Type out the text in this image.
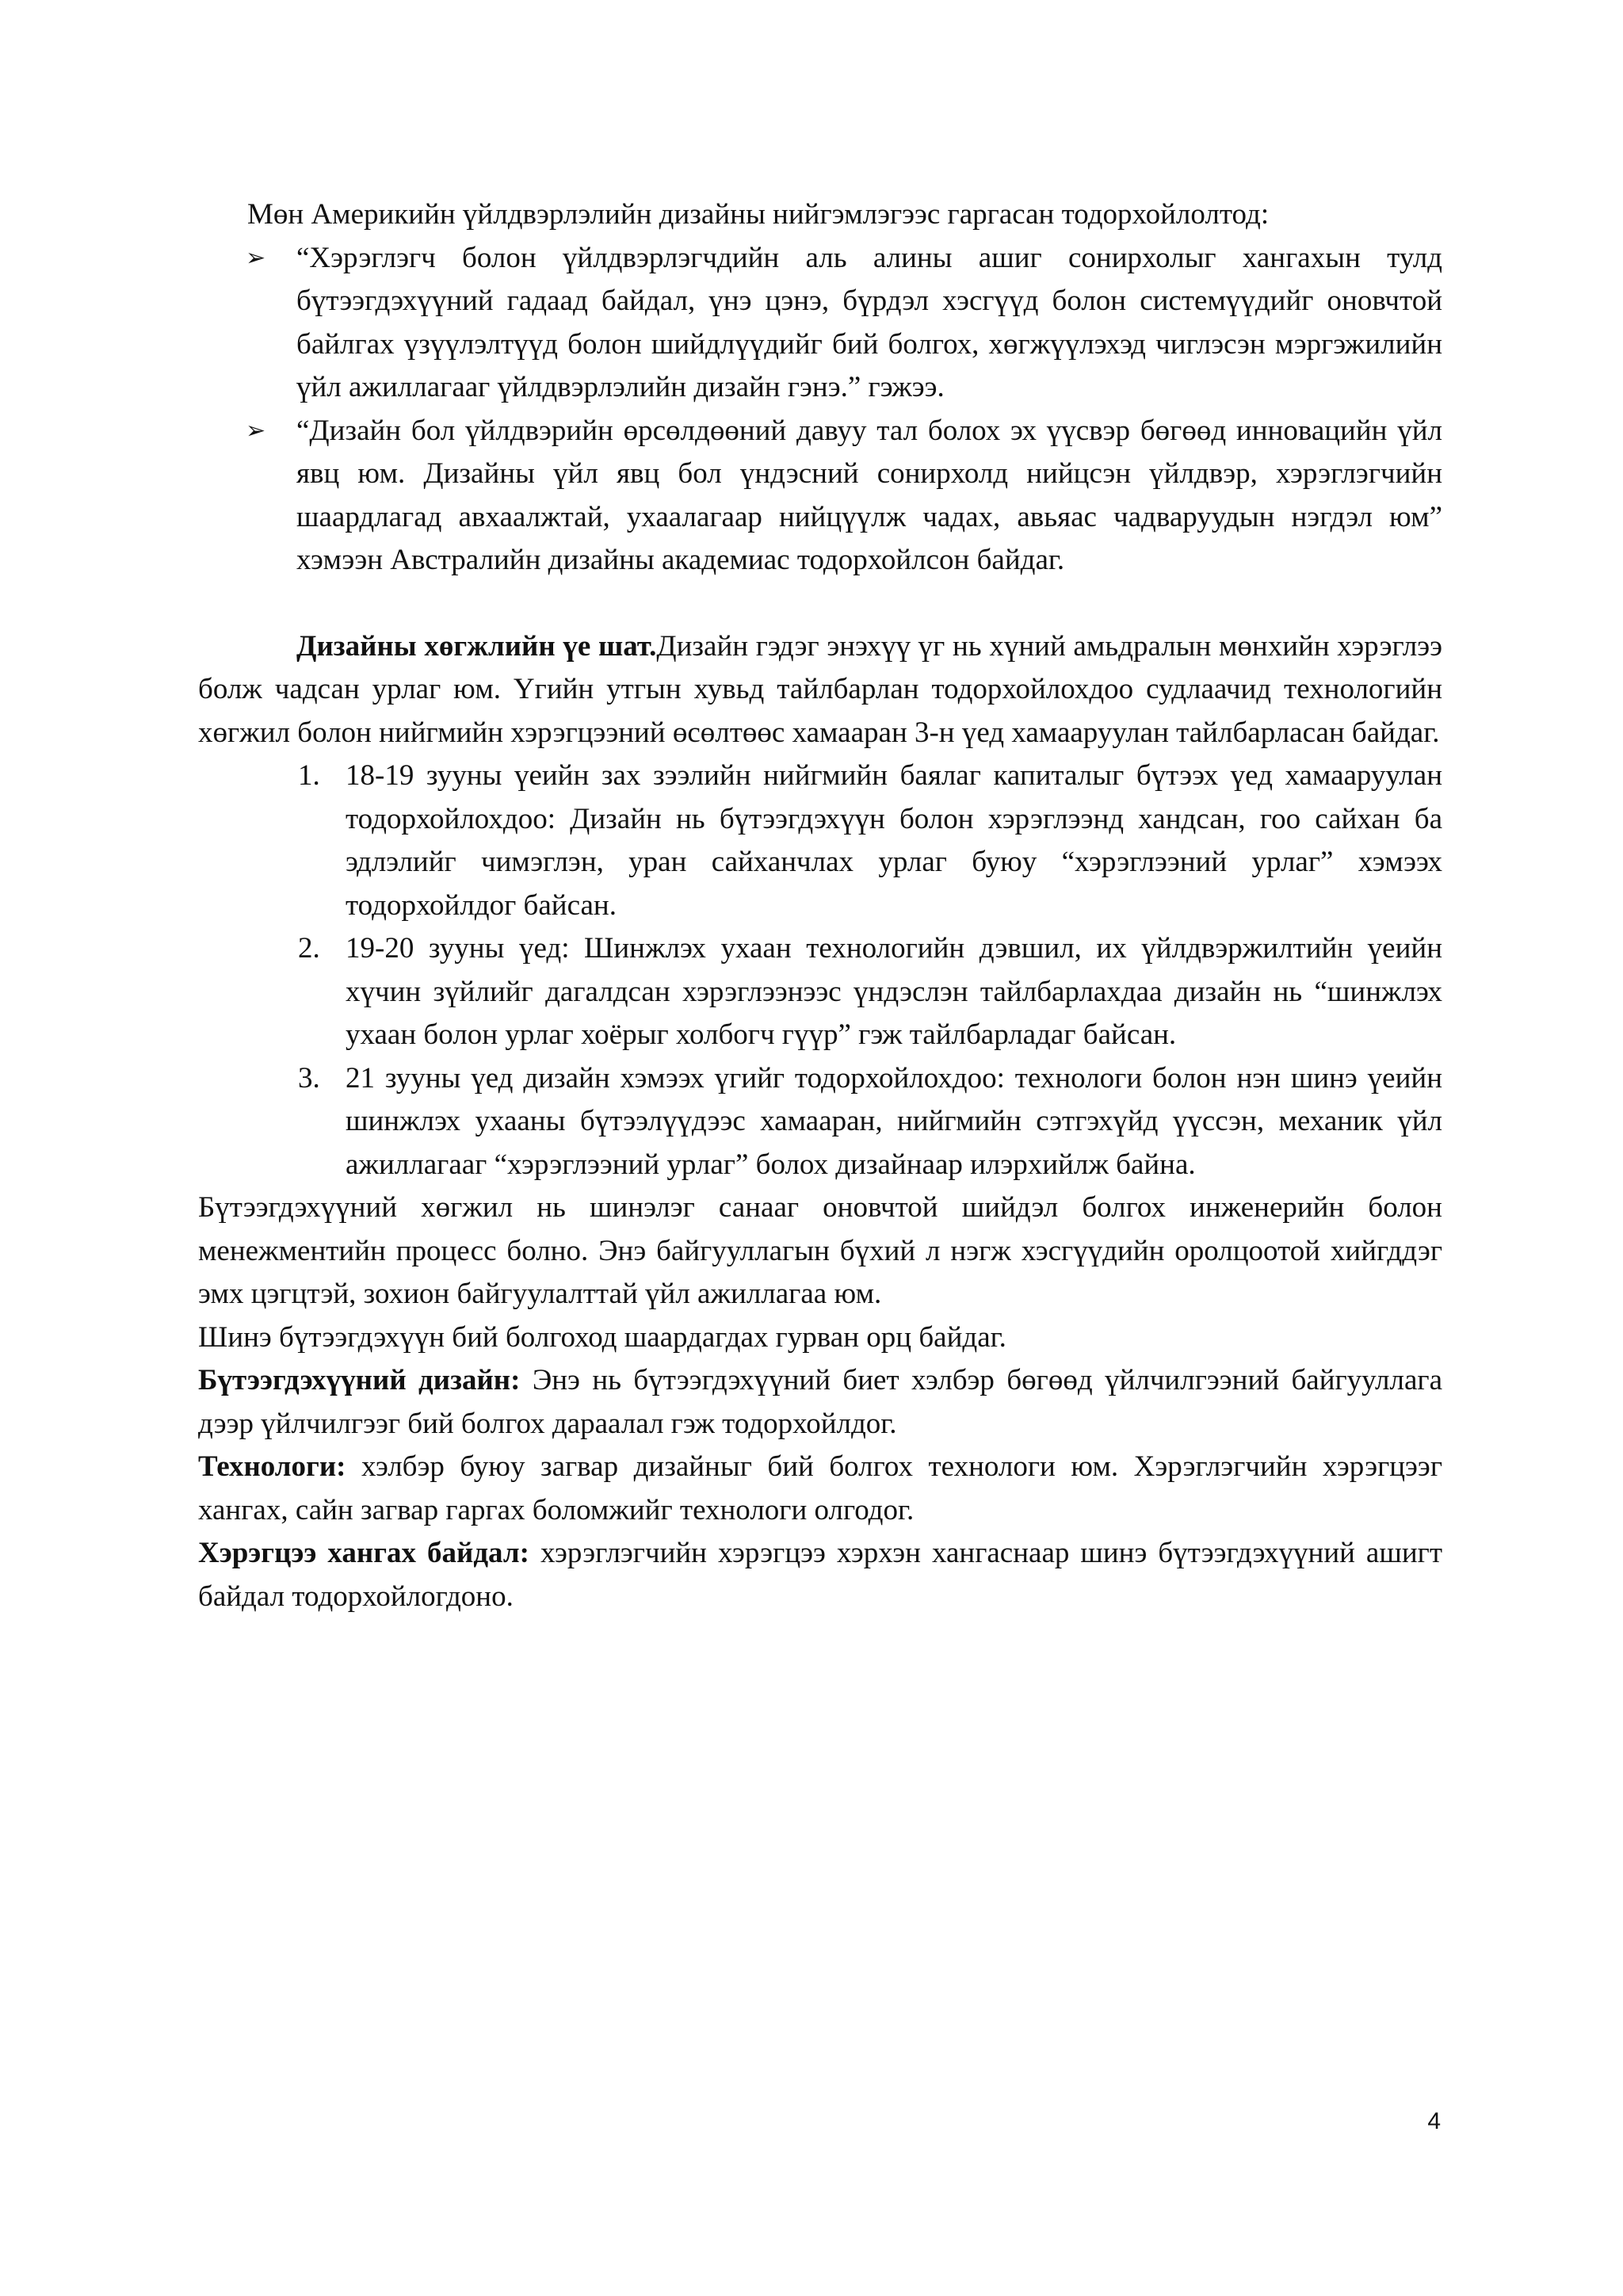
Мөн Америкийн үйлдвэрлэлийн дизайны нийгэмлэгээс гаргасан тодорхойлолтод:

➢ “Хэрэглэгч болон үйлдвэрлэгчдийн аль алины ашиг сонирхолыг хангахын тулд бүтээгдэхүүний гадаад байдал, үнэ цэнэ, бүрдэл хэсгүүд болон системүүдийг оновчтой байлгах үзүүлэлтүүд болон шийдлүүдийг бий болгох, хөгжүүлэхэд чиглэсэн мэргэжилийн үйл ажиллагааг үйлдвэрлэлийн дизайн гэнэ.” гэжээ.
➢ “Дизайн бол үйлдвэрийн өрсөлдөөний давуу тал болох эх үүсвэр бөгөөд инновацийн үйл явц юм. Дизайны үйл явц бол үндэсний сонирхолд нийцсэн үйлдвэр, хэрэглэгчийн шаардлагад авхаалжтай, ухаалагаар нийцүүлж чадах, авьяас чадваруудын нэгдэл юм” хэмээн Австралийн дизайны академиас тодорхойлсон байдаг.

Дизайны хөгжлийн үе шат.Дизайн гэдэг энэхүү үг нь хүний амьдралын мөнхийн хэрэглээ болж чадсан урлаг юм. Үгийн утгын хувьд тайлбарлан тодорхойлохдоо судлаачид технологийн хөгжил болон нийгмийн хэрэгцээний өсөлтөөс хамааран 3-н үед хамааруулан тайлбарласан байдаг.

1. 18-19 зууны үеийн зах зээлийн нийгмийн баялаг капиталыг бүтээх үед хамааруулан тодорхойлохдоо: Дизайн нь бүтээгдэхүүн болон хэрэглээнд хандсан, гоо сайхан ба эдлэлийг чимэглэн, уран сайханчлах урлаг буюу “хэрэглээний урлаг” хэмээх тодорхойлдог байсан.
2. 19-20 зууны үед: Шинжлэх ухаан технологийн дэвшил, их үйлдвэржилтийн үеийн хүчин зүйлийг дагалдсан хэрэглээнээс үндэслэн тайлбарлахдаа дизайн нь “шинжлэх ухаан болон урлаг хоёрыг холбогч гүүр” гэж тайлбарладаг байсан.
3. 21 зууны үед дизайн хэмээх үгийг тодорхойлохдоо: технологи болон нэн шинэ үеийн шинжлэх ухааны бүтээлүүдээс хамааран, нийгмийн сэтгэхүйд үүссэн, механик үйл ажиллагааг “хэрэглээний урлаг” болох дизайнаар илэрхийлж байна.

Бүтээгдэхүүний хөгжил нь шинэлэг санааг оновчтой шийдэл болгох инженерийн болон менежментийн процесс болно. Энэ байгууллагын бүхий л нэгж хэсгүүдийн оролцоотой хийгддэг эмх цэгцтэй, зохион байгуулалттай үйл ажиллагаа юм.

Шинэ бүтээгдэхүүн бий болгоход шаардагдах гурван орц байдаг.

Бүтээгдэхүүний дизайн: Энэ нь бүтээгдэхүүний биет хэлбэр бөгөөд үйлчилгээний байгууллага дээр үйлчилгээг бий болгох дараалал гэж тодорхойлдог.

Технологи: хэлбэр буюу загвар дизайныг бий болгох технологи юм. Хэрэглэгчийн хэрэгцээг хангах, сайн загвар гаргах боломжийг технологи олгодог.

Хэрэгцээ хангах байдал: хэрэглэгчийн хэрэгцээ хэрхэн хангаснаар шинэ бүтээгдэхүүний ашигт байдал тодорхойлогдоно.

4
